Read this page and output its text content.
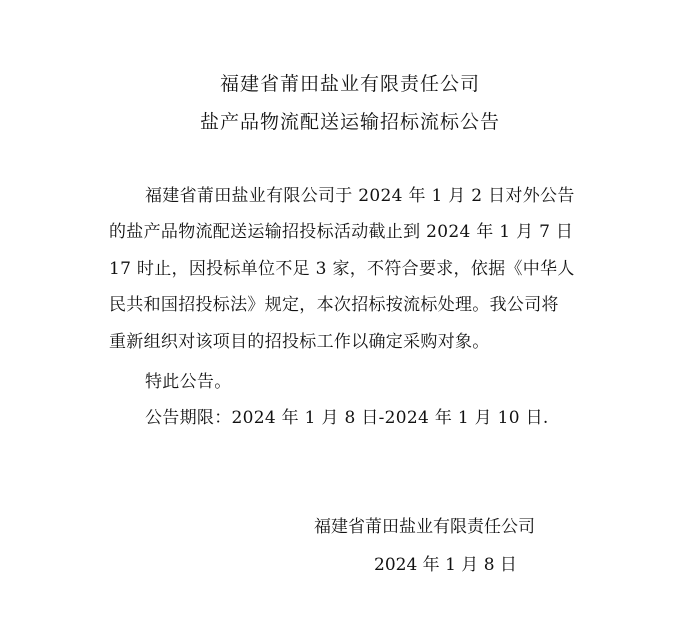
福建省莆田盐业有限责任公司
盐产品物流配送运输招标流标公告
福建省莆田盐业有限公司于 2024 年 1 月 2 日对外公告
的盐产品物流配送运输招投标活动截止到 2024 年 1 月 7 日
17 时止，因投标单位不足 3 家，不符合要求，依据《中华人
民共和国招投标法》规定，本次招标按流标处理。我公司将
重新组织对该项目的招投标工作以确定采购对象。
特此公告。
公告期限：2024 年 1 月 8 日-2024 年 1 月 10 日.
福建省莆田盐业有限责任公司
2024 年 1 月 8 日
